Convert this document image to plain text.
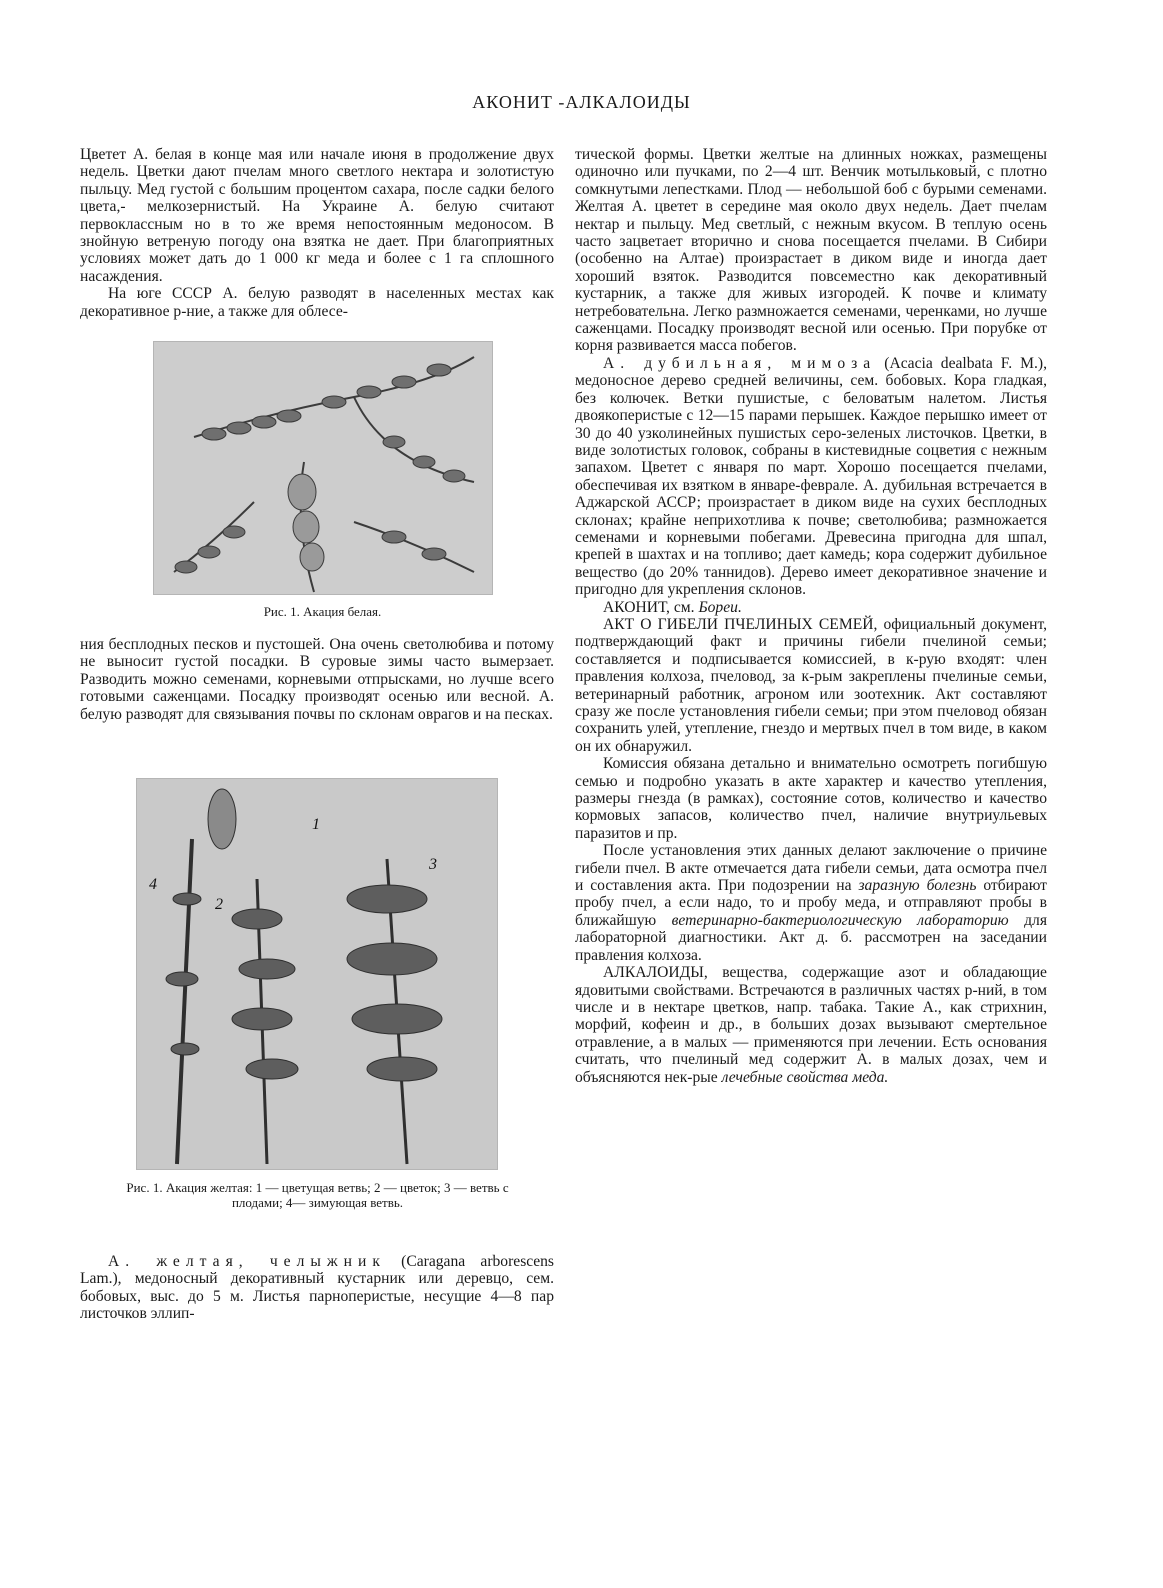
АКОНИТ -АЛКАЛОИДЫ

Цветет А. белая в конце мая или начале июня в продолжение двух недель. Цветки дают пчелам много светлого нектара и золотистую пыльцу. Мед густой с большим процентом сахара, после садки белого цвета,- мелкозернистый. На Украине А. белую считают первоклассным но в то же время непостоянным медоносом. В знойную ветреную погоду она взятка не дает. При благоприятных условиях может дать до 1 000 кг меда и более с 1 га сплошного насаждения.

На юге СССР А. белую разводят в населенных местах как декоративное р-ние, а также для облесе-

Рис. 1. Акация белая.

ния бесплодных песков и пустошей. Она очень светолюбива и потому не выносит густой посадки. В суровые зимы часто вымерзает. Разводить можно семенами, корневыми отпрысками, но лучше всего готовыми саженцами. Посадку производят осенью или весной. А. белую разводят для связывания почвы по склонам оврагов и на песках.

1
2
3
4
Рис. 1. Акация желтая: 1 — цветущая ветвь; 2 — цветок; 3 — ветвь с плодами; 4— зимующая ветвь.

А. желтая, челыжник (Caragana arborescens Lam.), медоносный декоративный кустарник или деревцо, сем. бобовых, выс. до 5 м. Листья парноперистые, несущие 4—8 пар листочков эллип-

тической формы. Цветки желтые на длинных ножках, размещены одиночно или пучками, по 2—4 шт. Венчик мотыльковый, с плотно сомкнутыми лепестками. Плод — небольшой боб с бурыми семенами. Желтая А. цветет в середине мая около двух недель. Дает пчелам нектар и пыльцу. Мед светлый, с нежным вкусом. В теплую осень часто зацветает вторично и снова посещается пчелами. В Сибири (особенно на Алтае) произрастает в диком виде и иногда дает хороший взяток. Разводится повсеместно как декоративный кустарник, а также для живых изгородей. К почве и климату нетребовательна. Легко размножается семенами, черенками, но лучше саженцами. Посадку производят весной или осенью. При порубке от корня развивается масса побегов.

А. дубильная, мимоза (Acacia dealbata F. M.), медоносное дерево средней величины, сем. бобовых. Кора гладкая, без колючек. Ветки пушистые, с беловатым налетом. Листья двоякоперистые с 12—15 парами перышек. Каждое перышко имеет от 30 до 40 узколинейных пушистых серо-зеленых листочков. Цветки, в виде золотистых головок, собраны в кистевидные соцветия с нежным запахом. Цветет с января по март. Хорошо посещается пчелами, обеспечивая их взятком в январе-феврале. А. дубильная встречается в Аджарской АССР; произрастает в диком виде на сухих бесплодных склонах; крайне неприхотлива к почве; светолюбива; размножается семенами и корневыми побегами. Древесина пригодна для шпал, крепей в шахтах и на топливо; дает камедь; кора содержит дубильное вещество (до 20% таннидов). Дерево имеет декоративное значение и пригодно для укрепления склонов.

АКОНИТ, см. Бореи.

АКТ О ГИБЕЛИ ПЧЕЛИНЫХ СЕМЕЙ, официальный документ, подтверждающий факт и причины гибели пчелиной семьи; составляется и подписывается комиссией, в к-рую входят: член правления колхоза, пчеловод, за к-рым закреплены пчелиные семьи, ветеринарный работник, агроном или зоотехник. Акт составляют сразу же после установления гибели семьи; при этом пчеловод обязан сохранить улей, утепление, гнездо и мертвых пчел в том виде, в каком он их обнаружил.

Комиссия обязана детально и внимательно осмотреть погибшую семью и подробно указать в акте характер и качество утепления, размеры гнезда (в рамках), состояние сотов, количество и качество кормовых запасов, количество пчел, наличие внутриульевых паразитов и пр.

После установления этих данных делают заключение о причине гибели пчел. В акте отмечается дата гибели семьи, дата осмотра пчел и составления акта. При подозрении на заразную болезнь отбирают пробу пчел, а если надо, то и пробу меда, и отправляют пробы в ближайшую ветеринарно-бактериологическую лабораторию для лабораторной диагностики. Акт д. б. рассмотрен на заседании правления колхоза.

АЛКАЛОИДЫ, вещества, содержащие азот и обладающие ядовитыми свойствами. Встречаются в различных частях р-ний, в том числе и в нектаре цветков, напр. табака. Такие А., как стрихнин, морфий, кофеин и др., в больших дозах вызывают смертельное отравление, а в малых — применяются при лечении. Есть основания считать, что пчелиный мед содержит А. в малых дозах, чем и объясняются нек-рые лечебные свойства меда.
